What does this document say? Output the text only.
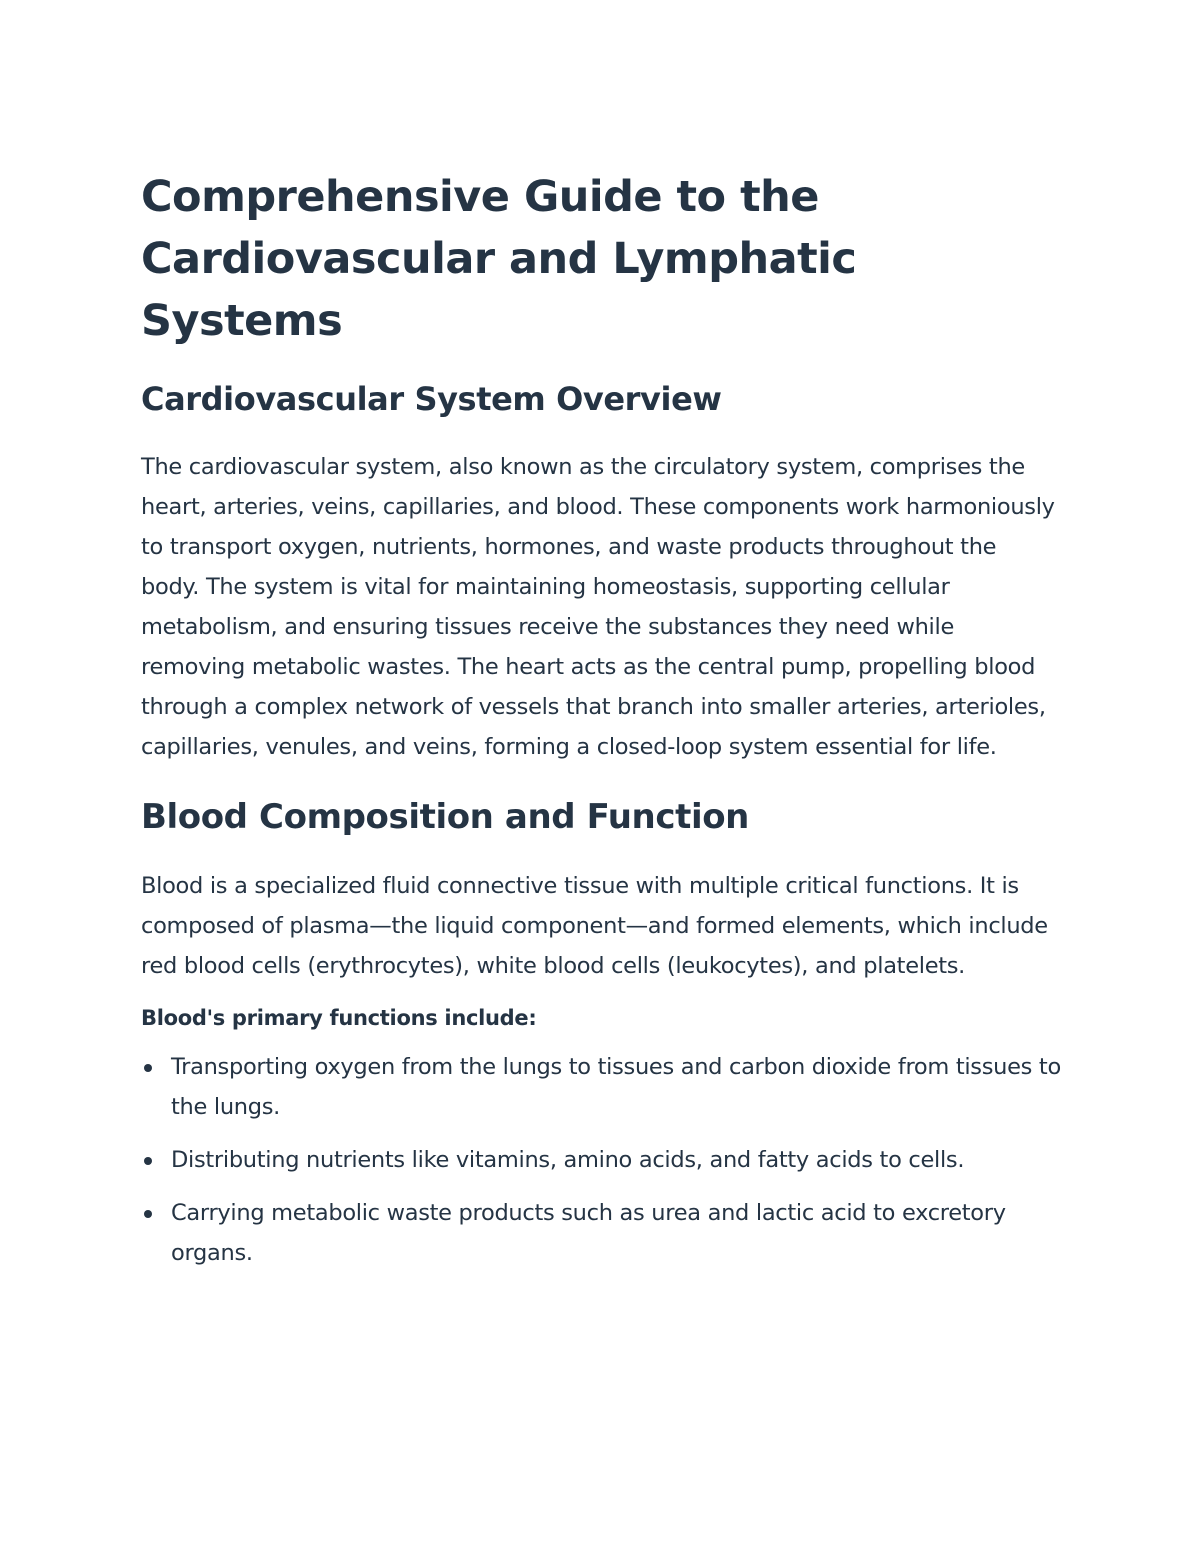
Comprehensive Guide to the Cardiovascular and Lymphatic Systems
Cardiovascular System Overview

The cardiovascular system, also known as the circulatory system, comprises the heart, arteries, veins, capillaries, and blood. These components work harmoniously to transport oxygen, nutrients, hormones, and waste products throughout the body. The system is vital for maintaining homeostasis, supporting cellular metabolism, and ensuring tissues receive the substances they need while removing metabolic wastes. The heart acts as the central pump, propelling blood through a complex network of vessels that branch into smaller arteries, arterioles, capillaries, venules, and veins, forming a closed-loop system essential for life.

Blood Composition and Function

Blood is a specialized fluid connective tissue with multiple critical functions. It is composed of plasma—the liquid component—and formed elements, which include red blood cells (erythrocytes), white blood cells (leukocytes), and platelets.

Blood's primary functions include:
Transporting oxygen from the lungs to tissues and carbon dioxide from tissues to the lungs.
Distributing nutrients like vitamins, amino acids, and fatty acids to cells.
Carrying metabolic waste products such as urea and lactic acid to excretory organs.
